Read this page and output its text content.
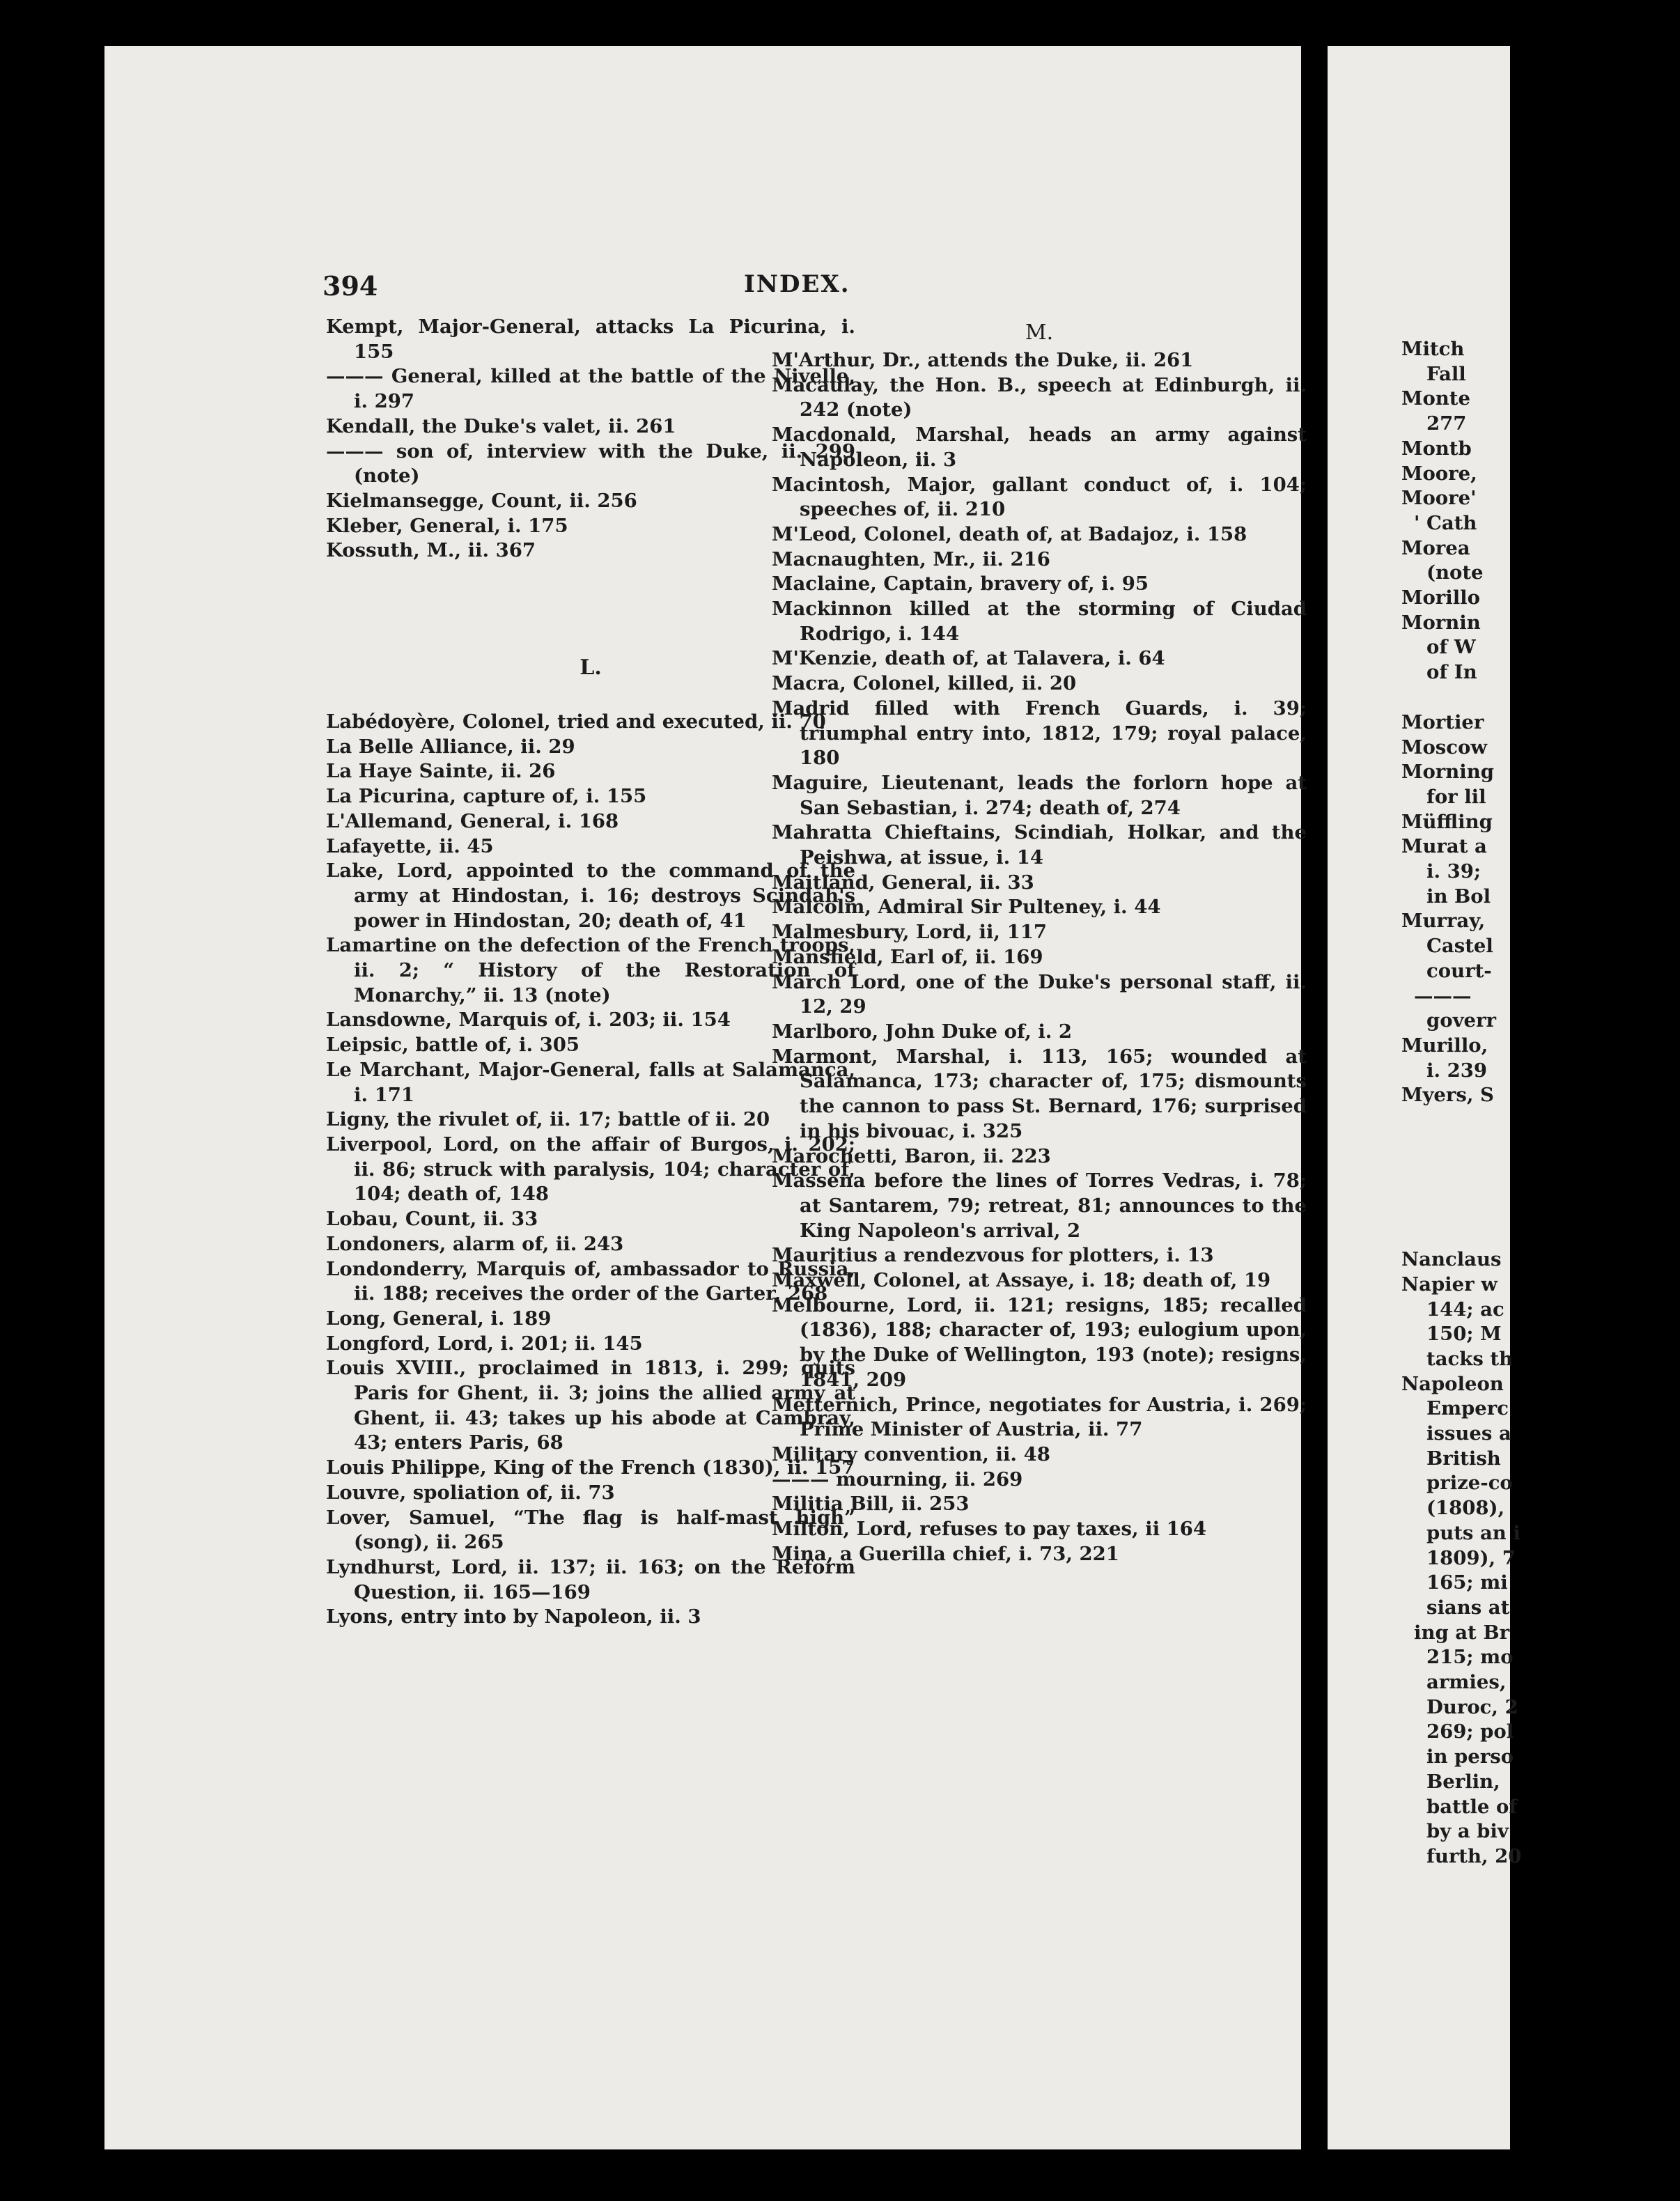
394	INDEX.
Kempt, Major-General, attacks La Picurina, i. 155
——— General, killed at the battle of the Nivelle, i. 297
Kendall, the Duke's valet, ii. 261
——— son of, interview with the Duke, ii. 299 (note)
Kielmansegge, Count, ii. 256
Kleber, General, i. 175
Kossuth, M., ii. 367
L.
Labédoyère, Colonel, tried and executed, ii. 70
La Belle Alliance, ii. 29
La Haye Sainte, ii. 26
La Picurina, capture of, i. 155
L'Allemand, General, i. 168
Lafayette, ii. 45
Lake, Lord, appointed to the command of the army at Hindostan, i. 16; destroys Scindah's power in Hindostan, 20; death of, 41
Lamartine on the defection of the French troops, ii. 2; “ History of the Restoration of Monarchy,” ii. 13 (note)
Lansdowne, Marquis of, i. 203; ii. 154
Leipsic, battle of, i. 305
Le Marchant, Major-General, falls at Salamanca, i. 171
Ligny, the rivulet of, ii. 17; battle of ii. 20
Liverpool, Lord, on the affair of Burgos, i. 202; ii. 86; struck with paralysis, 104; character of, 104; death of, 148
Lobau, Count, ii. 33
Londoners, alarm of, ii. 243
Londonderry, Marquis of, ambassador to Russia, ii. 188; receives the order of the Garter, 268
Long, General, i. 189
Longford, Lord, i. 201; ii. 145
Louis XVIII., proclaimed in 1813, i. 299; quits Paris for Ghent, ii. 3; joins the allied army at Ghent, ii. 43; takes up his abode at Cambray, 43; enters Paris, 68
Louis Philippe, King of the French (1830), ii. 157
Louvre, spoliation of, ii. 73
Lover, Samuel, “The flag is half-mast high” (song), ii. 265
Lyndhurst, Lord, ii. 137; ii. 163; on the Reform Question, ii. 165—169
Lyons, entry into by Napoleon, ii. 3
M.
M'Arthur, Dr., attends the Duke, ii. 261
Macaulay, the Hon. B., speech at Edinburgh, ii. 242 (note)
Macdonald, Marshal, heads an army against Napoleon, ii. 3
Macintosh, Major, gallant conduct of, i. 104; speeches of, ii. 210
M'Leod, Colonel, death of, at Badajoz, i. 158
Macnaughten, Mr., ii. 216
Maclaine, Captain, bravery of, i. 95
Mackinnon killed at the storming of Ciudad Rodrigo, i. 144
M'Kenzie, death of, at Talavera, i. 64
Macra, Colonel, killed, ii. 20
Madrid filled with French Guards, i. 39; triumphal entry into, 1812, 179; royal palace, 180
Maguire, Lieutenant, leads the forlorn hope at San Sebastian, i. 274; death of, 274
Mahratta Chieftains, Scindiah, Holkar, and the Peishwa, at issue, i. 14
Maitland, General, ii. 33
Malcolm, Admiral Sir Pulteney, i. 44
Malmesbury, Lord, ii, 117
Mansfield, Earl of, ii. 169
March Lord, one of the Duke's personal staff, ii. 12, 29
Marlboro, John Duke of, i. 2
Marmont, Marshal, i. 113, 165; wounded at Salamanca, 173; character of, 175; dismounts the cannon to pass St. Bernard, 176; surprised in his bivouac, i. 325
Marochetti, Baron, ii. 223
Massena before the lines of Torres Vedras, i. 78; at Santarem, 79; retreat, 81; announces to the King Napoleon's arrival, 2
Mauritius a rendezvous for plotters, i. 13
Maxwell, Colonel, at Assaye, i. 18; death of, 19
Melbourne, Lord, ii. 121; resigns, 185; recalled (1836), 188; character of, 193; eulogium upon, by the Duke of Wellington, 193 (note); resigns, 1841, 209
Metternich, Prince, negotiates for Austria, i. 269; Prime Minister of Austria, ii. 77
Military convention, ii. 48
——— mourning, ii. 269
Militia Bill, ii. 253
Milton, Lord, refuses to pay taxes, ii 164
Mina, a Guerilla chief, i. 73, 221
Mitch
Fall
Monte
277
Montb
Moore,
Moore'
' Cath
Morea
(note
Morillo
Mornin
of W
of In
Mortier
Moscow
Morning
for lil
Müffling
Murat a
i. 39;
in Bol
Murray,
Castel
court-
———
goverr
Murillo,
i. 239
Myers, S
Nanclaus
Napier w
144; ac
150; M
tacks th
Napoleon
Emperc
issues a
British
prize-co
(1808),
puts an i
1809), 7
165; mi
sians at
ing at Br
215; mo
armies,
Duroc, 2
269; pol
in perso
Berlin,
battle of
by a biv
furth, 20
